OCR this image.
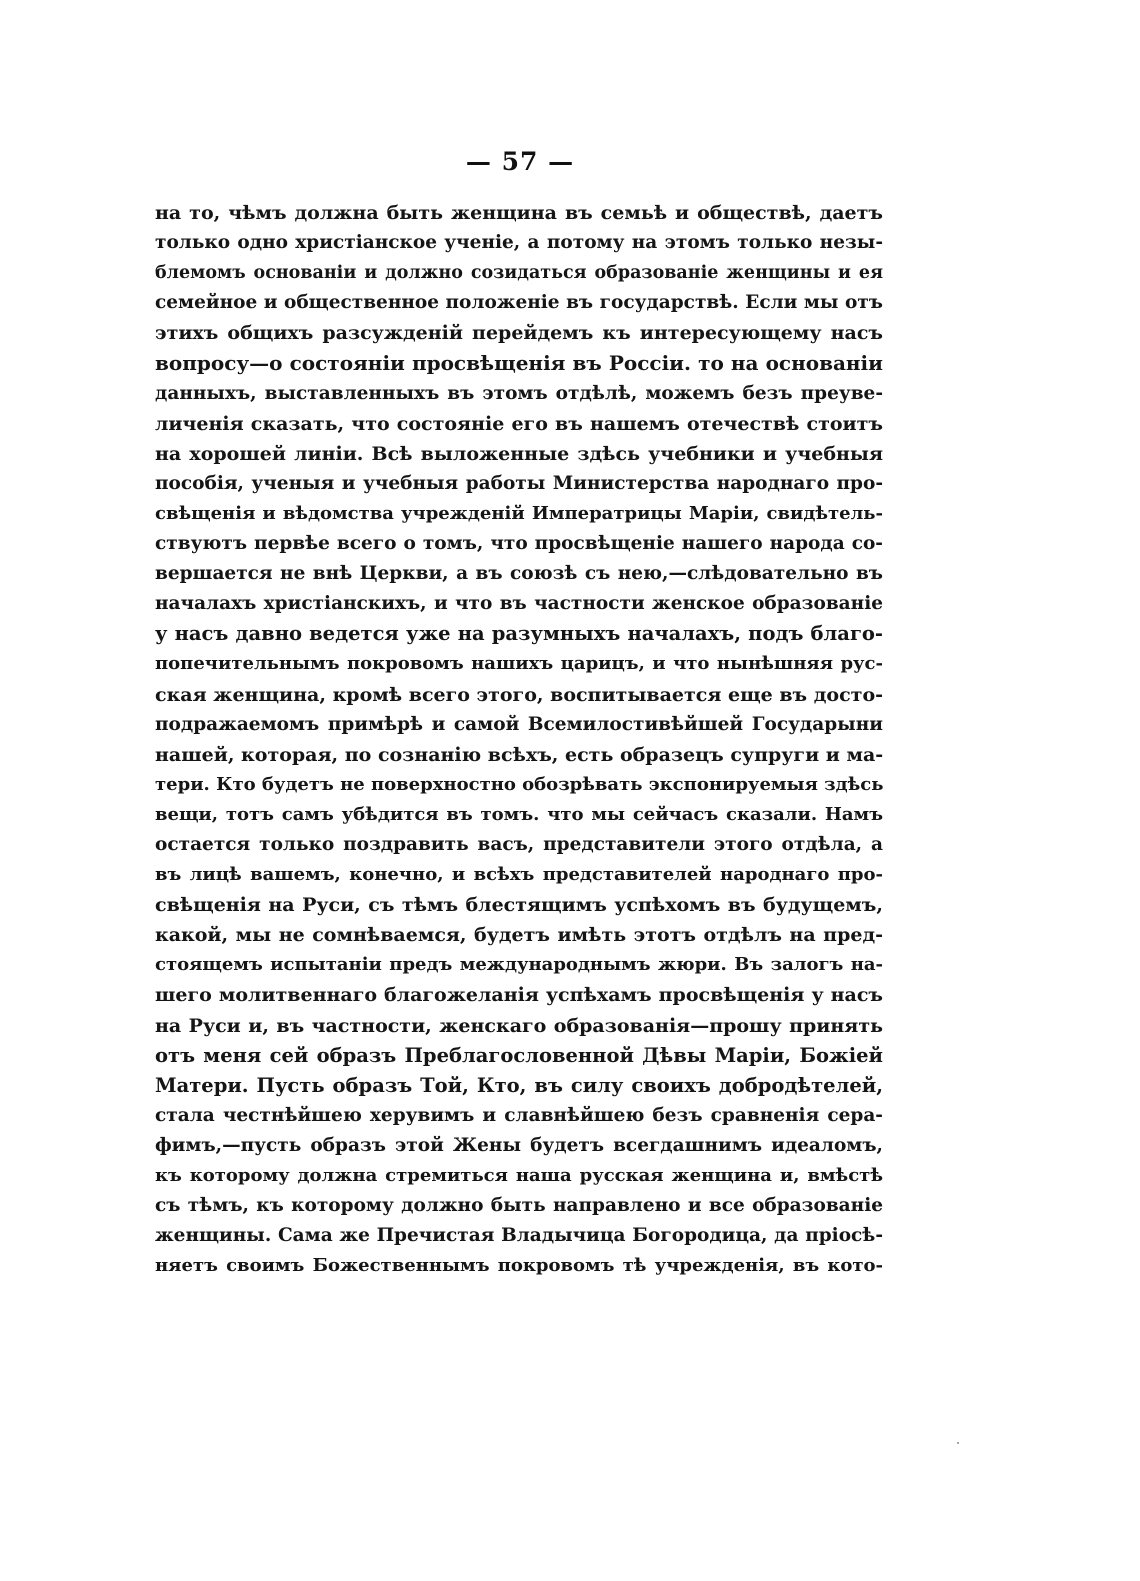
— 57 —
на то, чѣмъ должна быть женщина въ семьѣ и обществѣ, даетъ
только одно христіанское ученіе, а потому на этомъ только незы-
блемомъ основаніи и должно созидаться образованіе женщины и ея
семейное и общественное положеніе въ государствѣ. Если мы отъ
этихъ общихъ разсужденій перейдемъ къ интересующему насъ
вопросу—о состояніи просвѣщенія въ Россіи. то на основаніи
данныхъ, выставленныхъ въ этомъ отдѣлѣ, можемъ безъ преуве-
личенія сказать, что состояніе его въ нашемъ отечествѣ стоитъ
на хорошей линіи. Всѣ выложенные здѣсь учебники и учебныя
пособія, ученыя и учебныя работы Министерства народнаго про-
свѣщенія и вѣдомства учрежденій Императрицы Маріи, свидѣтель-
ствуютъ первѣе всего о томъ, что просвѣщеніе нашего народа со-
вершается не внѣ Церкви, а въ союзѣ съ нею,—слѣдовательно въ
началахъ христіанскихъ, и что въ частности женское образованіе
у насъ давно ведется уже на разумныхъ началахъ, подъ благо-
попечительнымъ покровомъ нашихъ царицъ, и что нынѣшняя рус-
ская женщина, кромѣ всего этого, воспитывается еще въ досто-
подражаемомъ примѣрѣ и самой Всемилостивѣйшей Государыни
нашей, которая, по сознанію всѣхъ, есть образецъ супруги и ма-
тери. Кто будетъ не поверхностно обозрѣвать экспонируемыя здѣсь
вещи, тотъ самъ убѣдится въ томъ. что мы сейчасъ сказали. Намъ
остается только поздравить васъ, представители этого отдѣла, а
въ лицѣ вашемъ, конечно, и всѣхъ представителей народнаго про-
свѣщенія на Руси, съ тѣмъ блестящимъ успѣхомъ въ будущемъ,
какой, мы не сомнѣваемся, будетъ имѣть этотъ отдѣлъ на пред-
стоящемъ испытаніи предъ международнымъ жюри. Въ залогъ на-
шего молитвеннаго благожеланія успѣхамъ просвѣщенія у насъ
на Руси и, въ частности, женскаго образованія—прошу принять
отъ меня сей образъ Преблагословенной Дѣвы Маріи, Божіей
Матери. Пусть образъ Той, Кто, въ силу своихъ добродѣтелей,
стала честнѣйшею херувимъ и славнѣйшею безъ сравненія сера-
фимъ,—пусть образъ этой Жены будетъ всегдашнимъ идеаломъ,
къ которому должна стремиться наша русская женщина и, вмѣстѣ
съ тѣмъ, къ которому должно быть направлено и все образованіе
женщины. Сама же Пречистая Владычица Богородица, да пріосѣ-
няетъ своимъ Божественнымъ покровомъ тѣ учрежденія, въ кото-
